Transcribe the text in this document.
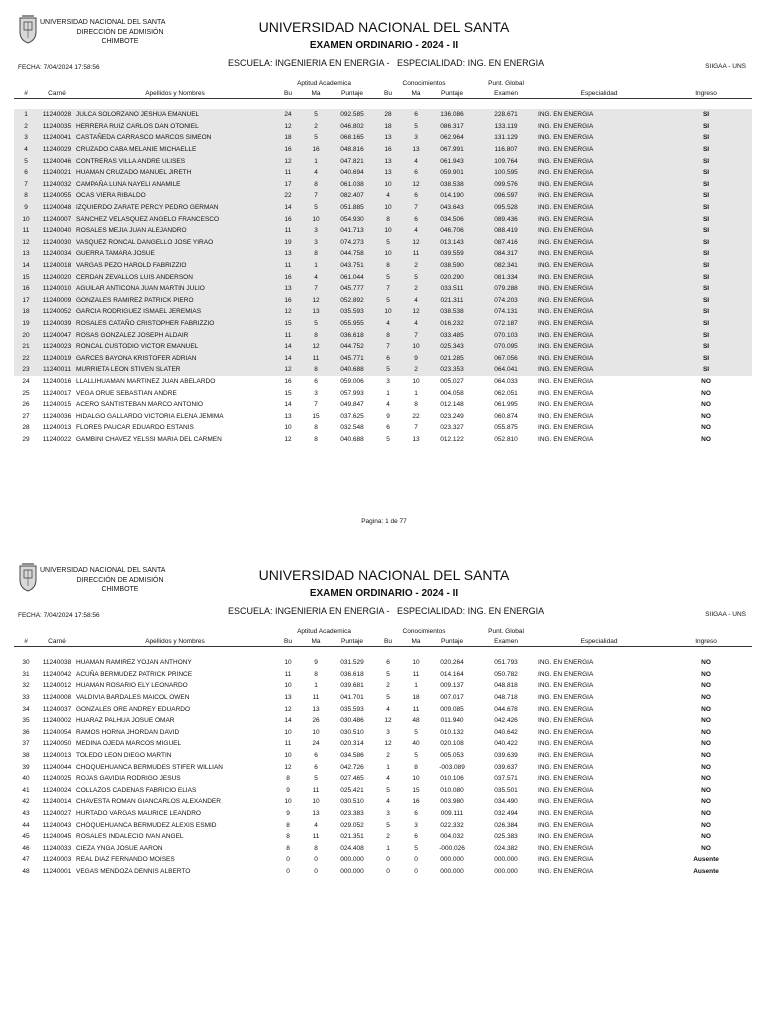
UNIVERSIDAD NACIONAL DEL SANTA
DIRECCIÓN DE ADMISIÓN
CHIMBOTE
UNIVERSIDAD NACIONAL DEL SANTA
EXAMEN ORDINARIO - 2024 - II
FECHA: 7/04/2024 17:58:56	ESCUELA: INGENIERIA EN ENERGIA -   ESPECIALIDAD: ING. EN ENERGIA	SIIGAA - UNS
			Aptitud Academica			Conocimientos			Punt. Global		
#	Carné	Apellidos y Nombres	Bu	Ma	Puntaje	Bu	Ma	Puntaje	Examen	Especialidad	Ingreso

1	11240028	JULCA SOLORZANO JESHUA EMANUEL	24	5	092.585	28	6	136.086	228.671	ING. EN ENERGIA	SI
2	11240035	HERRERA RUIZ CARLOS DAN OTONIEL	12	2	046.802	18	5	086.317	133.119	ING. EN ENERGIA	SI
3	11240041	CASTAÑEDA CARRASCO MARCOS SIMEON	18	5	068.165	13	3	062.964	131.129	ING. EN ENERGIA	SI
4	11240029	CRUZADO CABA MELANIE MICHAELLE	16	16	048.816	16	13	067.991	116.807	ING. EN ENERGIA	SI
5	11240046	CONTRERAS VILLA ANDRE ULISES	12	1	047.821	13	4	061.943	109.764	ING. EN ENERGIA	SI
6	11240021	HUAMAN CRUZADO MANUEL JIRETH	11	4	040.694	13	6	059.901	100.595	ING. EN ENERGIA	SI
7	11240032	CAMPAÑA LUNA NAYELI ANAMILE	17	8	061.038	10	12	038.538	099.576	ING. EN ENERGIA	SI
8	11240055	OCAS VIERA RIBALDO	22	7	082.407	4	6	014.190	096.597	ING. EN ENERGIA	SI
9	11240048	IZQUIERDO ZARATE PERCY PEDRO GERMAN	14	5	051.885	10	7	043.643	095.528	ING. EN ENERGIA	SI
10	11240007	SANCHEZ VELASQUEZ ANGELO FRANCESCO	16	10	054.930	8	6	034.506	089.436	ING. EN ENERGIA	SI
11	11240040	ROSALES MEJIA JUAN ALEJANDRO	11	3	041.713	10	4	046.706	088.419	ING. EN ENERGIA	SI
12	11240030	VASQUEZ RONCAL DANGELLO JOSE YIRAO	19	3	074.273	5	12	013.143	087.416	ING. EN ENERGIA	SI
13	11240034	GUERRA TAMARA JOSUE	13	8	044.758	10	11	039.559	084.317	ING. EN ENERGIA	SI
14	11240018	VARGAS PEZO HAROLD FABRIZZIO	11	1	043.751	8	2	038.590	082.341	ING. EN ENERGIA	SI
15	11240020	CERDAN ZEVALLOS LUIS ANDERSON	16	4	061.044	5	5	020.290	081.334	ING. EN ENERGIA	SI
16	11240010	AGUILAR ANTICONA JUAN MARTIN JULIO	13	7	045.777	7	2	033.511	079.288	ING. EN ENERGIA	SI
17	11240009	GONZALES RAMIREZ PATRICK PIERO	16	12	052.892	5	4	021.311	074.203	ING. EN ENERGIA	SI
18	11240052	GARCIA RODRIGUEZ ISMAEL JEREMIAS	12	13	035.593	10	12	038.538	074.131	ING. EN ENERGIA	SI
19	11240039	ROSALES CATAÑO CRISTOPHER FABRIZZIO	15	5	055.955	4	4	016.232	072.187	ING. EN ENERGIA	SI
20	11240047	ROSAS GONZALEZ JOSEPH ALDAIR	11	8	036.618	8	7	033.485	070.103	ING. EN ENERGIA	SI
21	11240023	RONCAL CUSTODIO VICTOR EMANUEL	14	12	044.752	7	10	025.343	070.095	ING. EN ENERGIA	SI
22	11240019	GARCES BAYONA KRISTOFER ADRIAN	14	11	045.771	6	9	021.285	067.056	ING. EN ENERGIA	SI
23	11240011	MURRIETA LEON STIVEN SLATER	12	8	040.688	5	2	023.353	064.041	ING. EN ENERGIA	SI
24	11240016	LLALLIHUAMAN MARTINEZ JUAN ABELARDO	16	6	059.006	3	10	005.027	064.033	ING. EN ENERGIA	NO
25	11240017	VEGA ORUE SEBASTIAN ANDRE	15	3	057.993	1	1	004.058	062.051	ING. EN ENERGIA	NO
26	11240015	ACERO SANTISTEBAN MARCO ANTONIO	14	7	049.847	4	8	012.148	061.995	ING. EN ENERGIA	NO
27	11240036	HIDALGO GALLARDO VICTORIA ELENA JEMIMA	13	15	037.625	9	22	023.249	060.874	ING. EN ENERGIA	NO
28	11240013	FLORES PAUCAR EDUARDO ESTANIS	10	8	032.548	6	7	023.327	055.875	ING. EN ENERGIA	NO
29	11240022	GAMBINI CHAVEZ YELSSI MARIA DEL CARMEN	12	8	040.688	5	13	012.122	052.810	ING. EN ENERGIA	NO
Pagina: 1 de 77
UNIVERSIDAD NACIONAL DEL SANTA
DIRECCIÓN DE ADMISIÓN
CHIMBOTE
UNIVERSIDAD NACIONAL DEL SANTA
EXAMEN ORDINARIO - 2024 - II
FECHA: 7/04/2024 17:58:56	ESCUELA: INGENIERIA EN ENERGIA -   ESPECIALIDAD: ING. EN ENERGIA	SIIGAA - UNS
			Aptitud Academica			Conocimientos			Punt. Global		
#	Carné	Apellidos y Nombres	Bu	Ma	Puntaje	Bu	Ma	Puntaje	Examen	Especialidad	Ingreso

30	11240038	HUAMAN RAMIREZ YOJAN ANTHONY	10	9	031.529	6	10	020.264	051.793	ING. EN ENERGIA	NO
31	11240042	ACUÑA BERMUDEZ PATRICK PRINCE	11	8	036.618	5	11	014.164	050.782	ING. EN ENERGIA	NO
32	11240012	HUAMAN ROSARIO ELY LEONARDO	10	1	039.681	2	1	009.137	048.818	ING. EN ENERGIA	NO
33	11240008	VALDIVIA BARDALES MAICOL OWEN	13	11	041.701	5	18	007.017	048.718	ING. EN ENERGIA	NO
34	11240037	GONZALES ORE ANDREY EDUARDO	12	13	035.593	4	11	009.085	044.678	ING. EN ENERGIA	NO
35	11240002	HUARAZ PALHUA JOSUE OMAR	14	26	030.486	12	48	011.940	042.426	ING. EN ENERGIA	NO
36	11240054	RAMOS HORNA JHORDAN DAVID	10	10	030.510	3	5	010.132	040.642	ING. EN ENERGIA	NO
37	11240050	MEDINA OJEDA MARCOS MIGUEL	11	24	020.314	12	40	020.108	040.422	ING. EN ENERGIA	NO
38	11240013	TOLEDO LEON DIEGO MARTIN	10	6	034.586	2	5	005.053	039.639	ING. EN ENERGIA	NO
39	11240044	CHOQUEHUANCA BERMUDES STIFER WILLIAN	12	6	042.726	1	8	-003.089	039.637	ING. EN ENERGIA	NO
40	11240025	ROJAS GAVIDIA RODRIGO JESUS	8	5	027.465	4	10	010.106	037.571	ING. EN ENERGIA	NO
41	11240024	COLLAZOS CADENAS FABRICIO ELIAS	9	11	025.421	5	15	010.080	035.501	ING. EN ENERGIA	NO
42	11240014	CHAVESTA ROMAN GIANCARLOS ALEXANDER	10	10	030.510	4	16	003.980	034.490	ING. EN ENERGIA	NO
43	11240027	HURTADO VARGAS MAURICE LEANDRO	9	13	023.383	3	6	009.111	032.494	ING. EN ENERGIA	NO
44	11240043	CHOQUEHUANCA BERMUDEZ ALEXIS ESMID	8	4	029.052	5	3	022.332	026.384	ING. EN ENERGIA	NO
45	11240045	ROSALES INDALECIO IVAN ANGEL	8	11	021.351	2	6	004.032	025.383	ING. EN ENERGIA	NO
46	11240033	CIEZA YNGA JOSUE AARON	8	8	024.408	1	5	-000.026	024.382	ING. EN ENERGIA	NO
47	11240003	REAL DIAZ FERNANDO MOISES	0	0	000.000	0	0	000.000	000.000	ING. EN ENERGIA	Ausente
48	11240001	VEGAS MENDOZA DENNIS ALBERTO	0	0	000.000	0	0	000.000	000.000	ING. EN ENERGIA	Ausente
